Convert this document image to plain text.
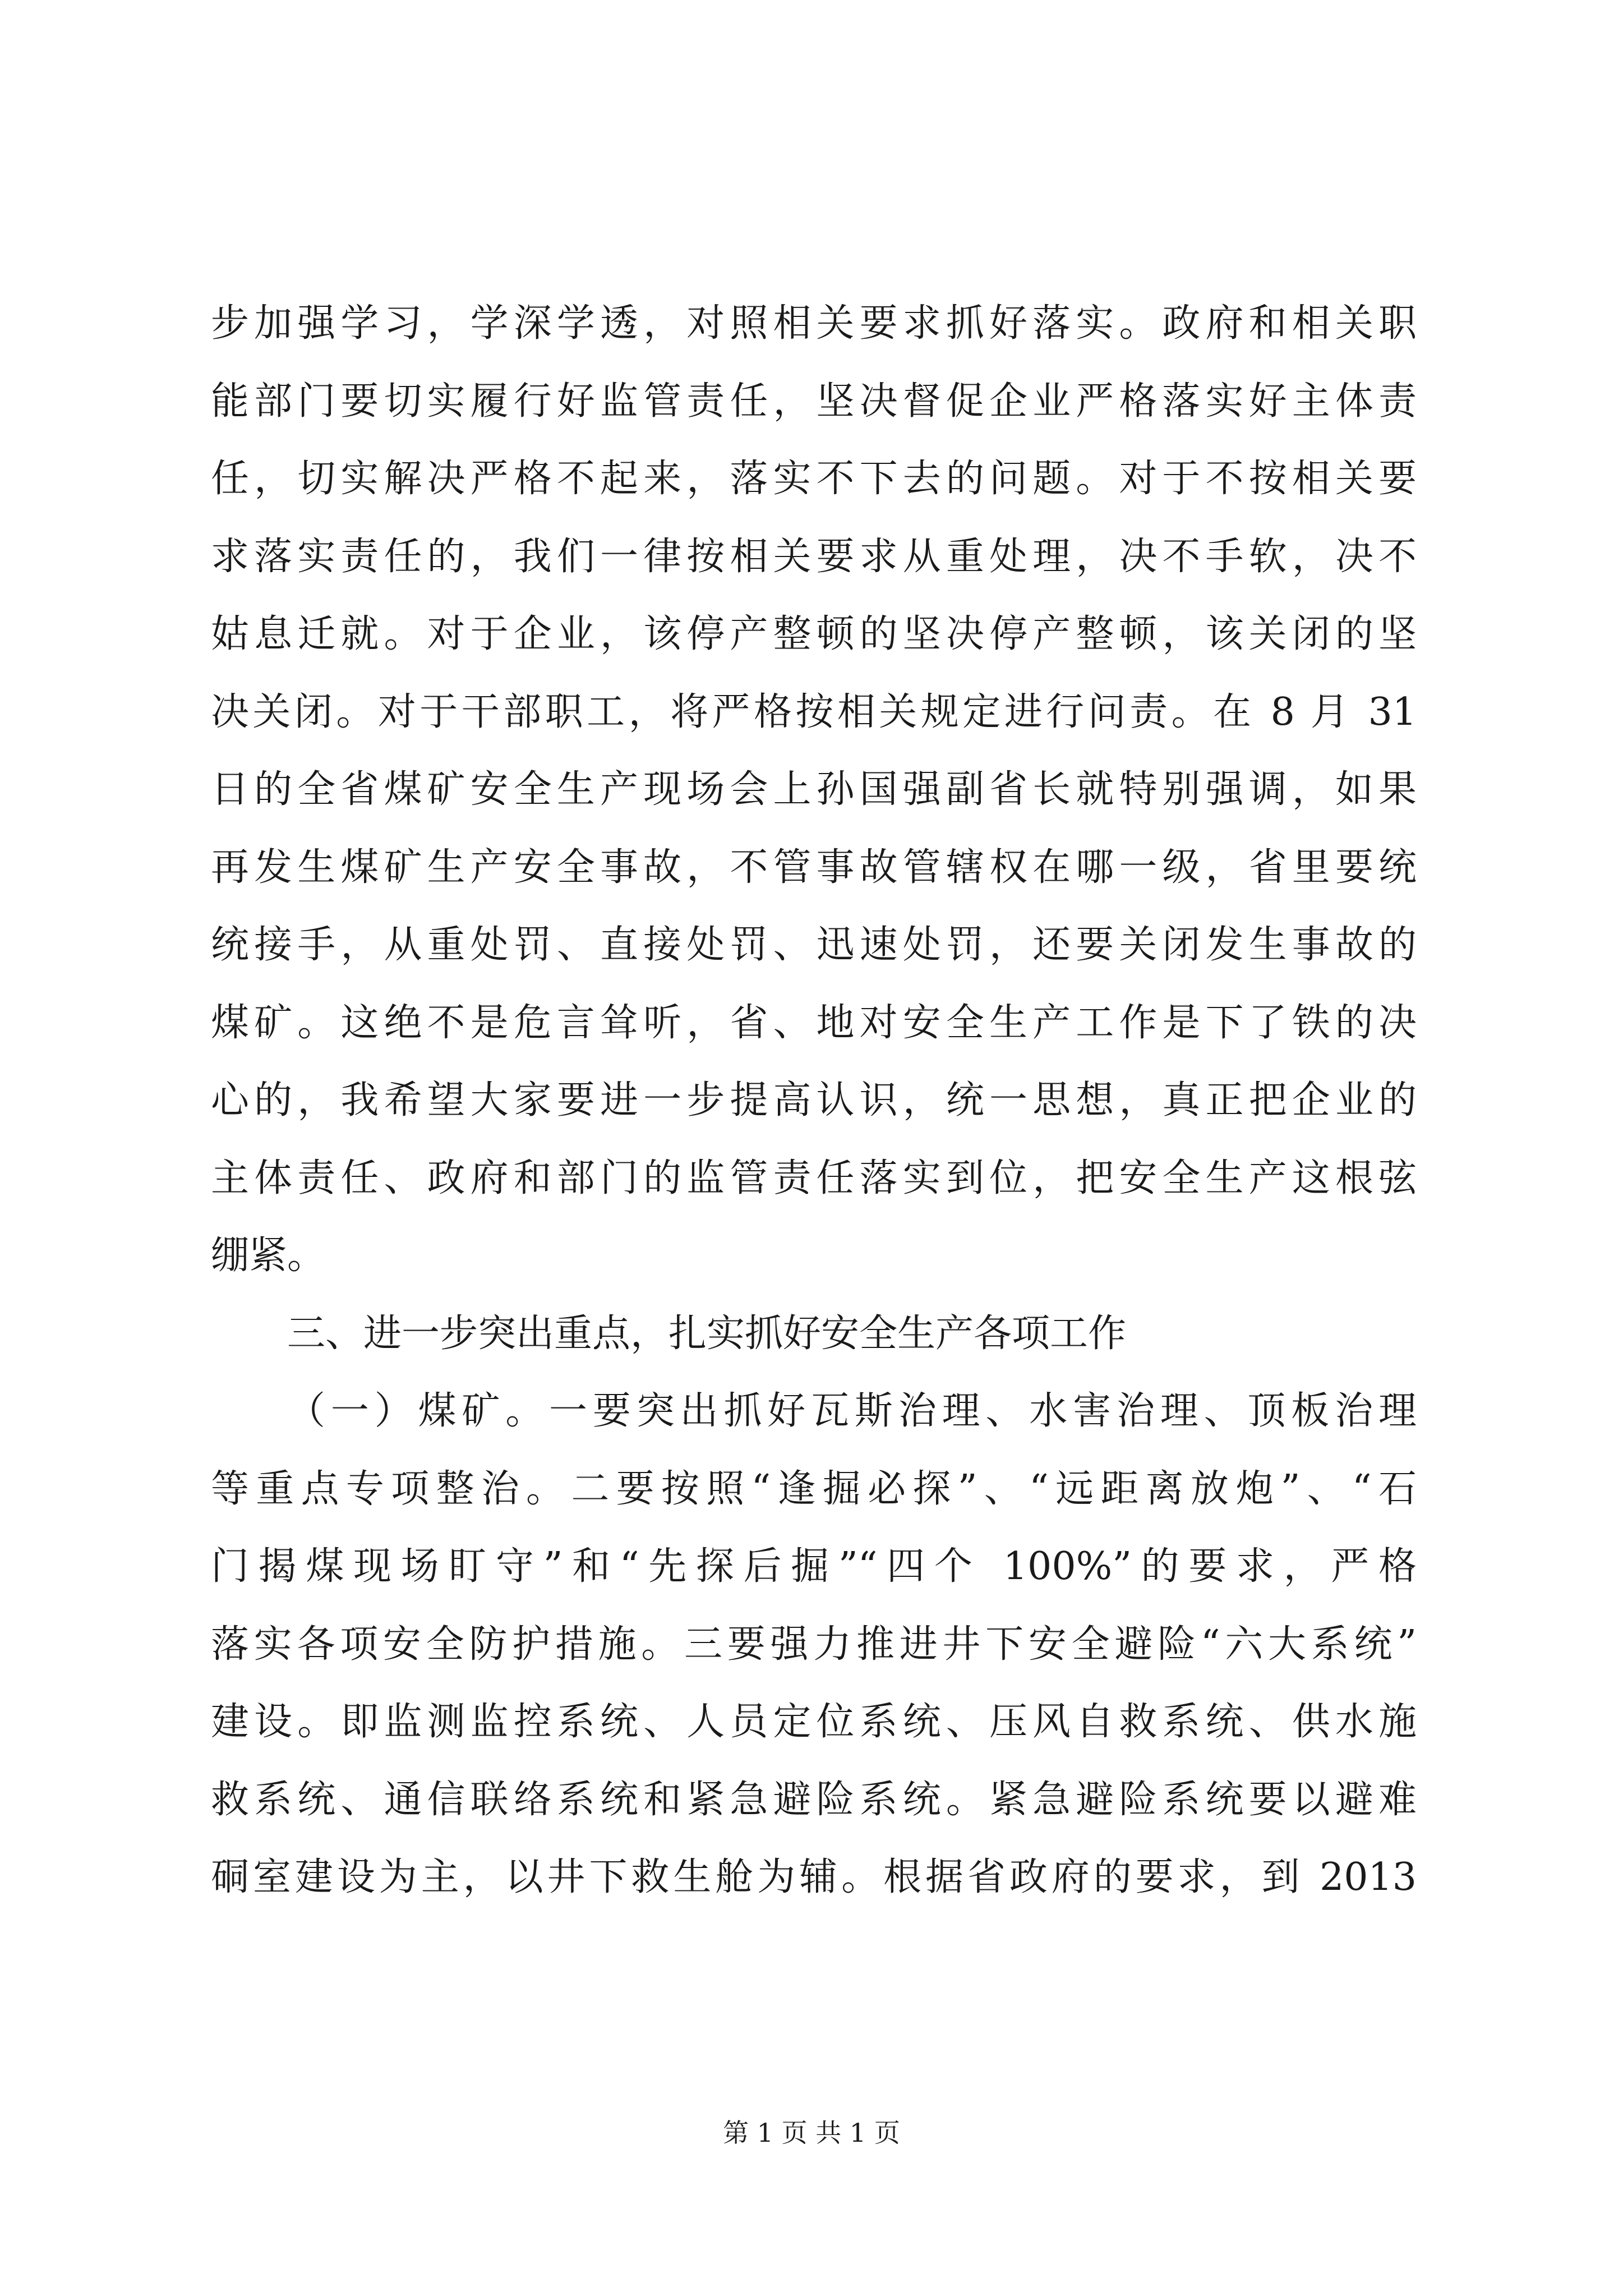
步加强学习，学深学透，对照相关要求抓好落实。政府和相关职
能部门要切实履行好监管责任，坚决督促企业严格落实好主体责
任，切实解决严格不起来，落实不下去的问题。对于不按相关要
求落实责任的，我们一律按相关要求从重处理，决不手软，决不
姑息迁就。对于企业，该停产整顿的坚决停产整顿，该关闭的坚
决关闭。对于干部职工，将严格按相关规定进行问责。在 8 月 31
日的全省煤矿安全生产现场会上孙国强副省长就特别强调，如果
再发生煤矿生产安全事故，不管事故管辖权在哪一级，省里要统
统接手，从重处罚、直接处罚、迅速处罚，还要关闭发生事故的
煤矿。这绝不是危言耸听，省、地对安全生产工作是下了铁的决
心的，我希望大家要进一步提高认识，统一思想，真正把企业的
主体责任、政府和部门的监管责任落实到位，把安全生产这根弦
绷紧。
三、进一步突出重点，扎实抓好安全生产各项工作
（一）煤矿。一要突出抓好瓦斯治理、水害治理、顶板治理
等重点专项整治。二要按照“逢掘必探”、“远距离放炮”、“石
门揭煤现场盯守”和“先探后掘”“四个 100%”的要求，严格
落实各项安全防护措施。三要强力推进井下安全避险“六大系统”
建设。即监测监控系统、人员定位系统、压风自救系统、供水施
救系统、通信联络系统和紧急避险系统。紧急避险系统要以避难
硐室建设为主，以井下救生舱为辅。根据省政府的要求，到 2013
第 1 页 共 1 页
